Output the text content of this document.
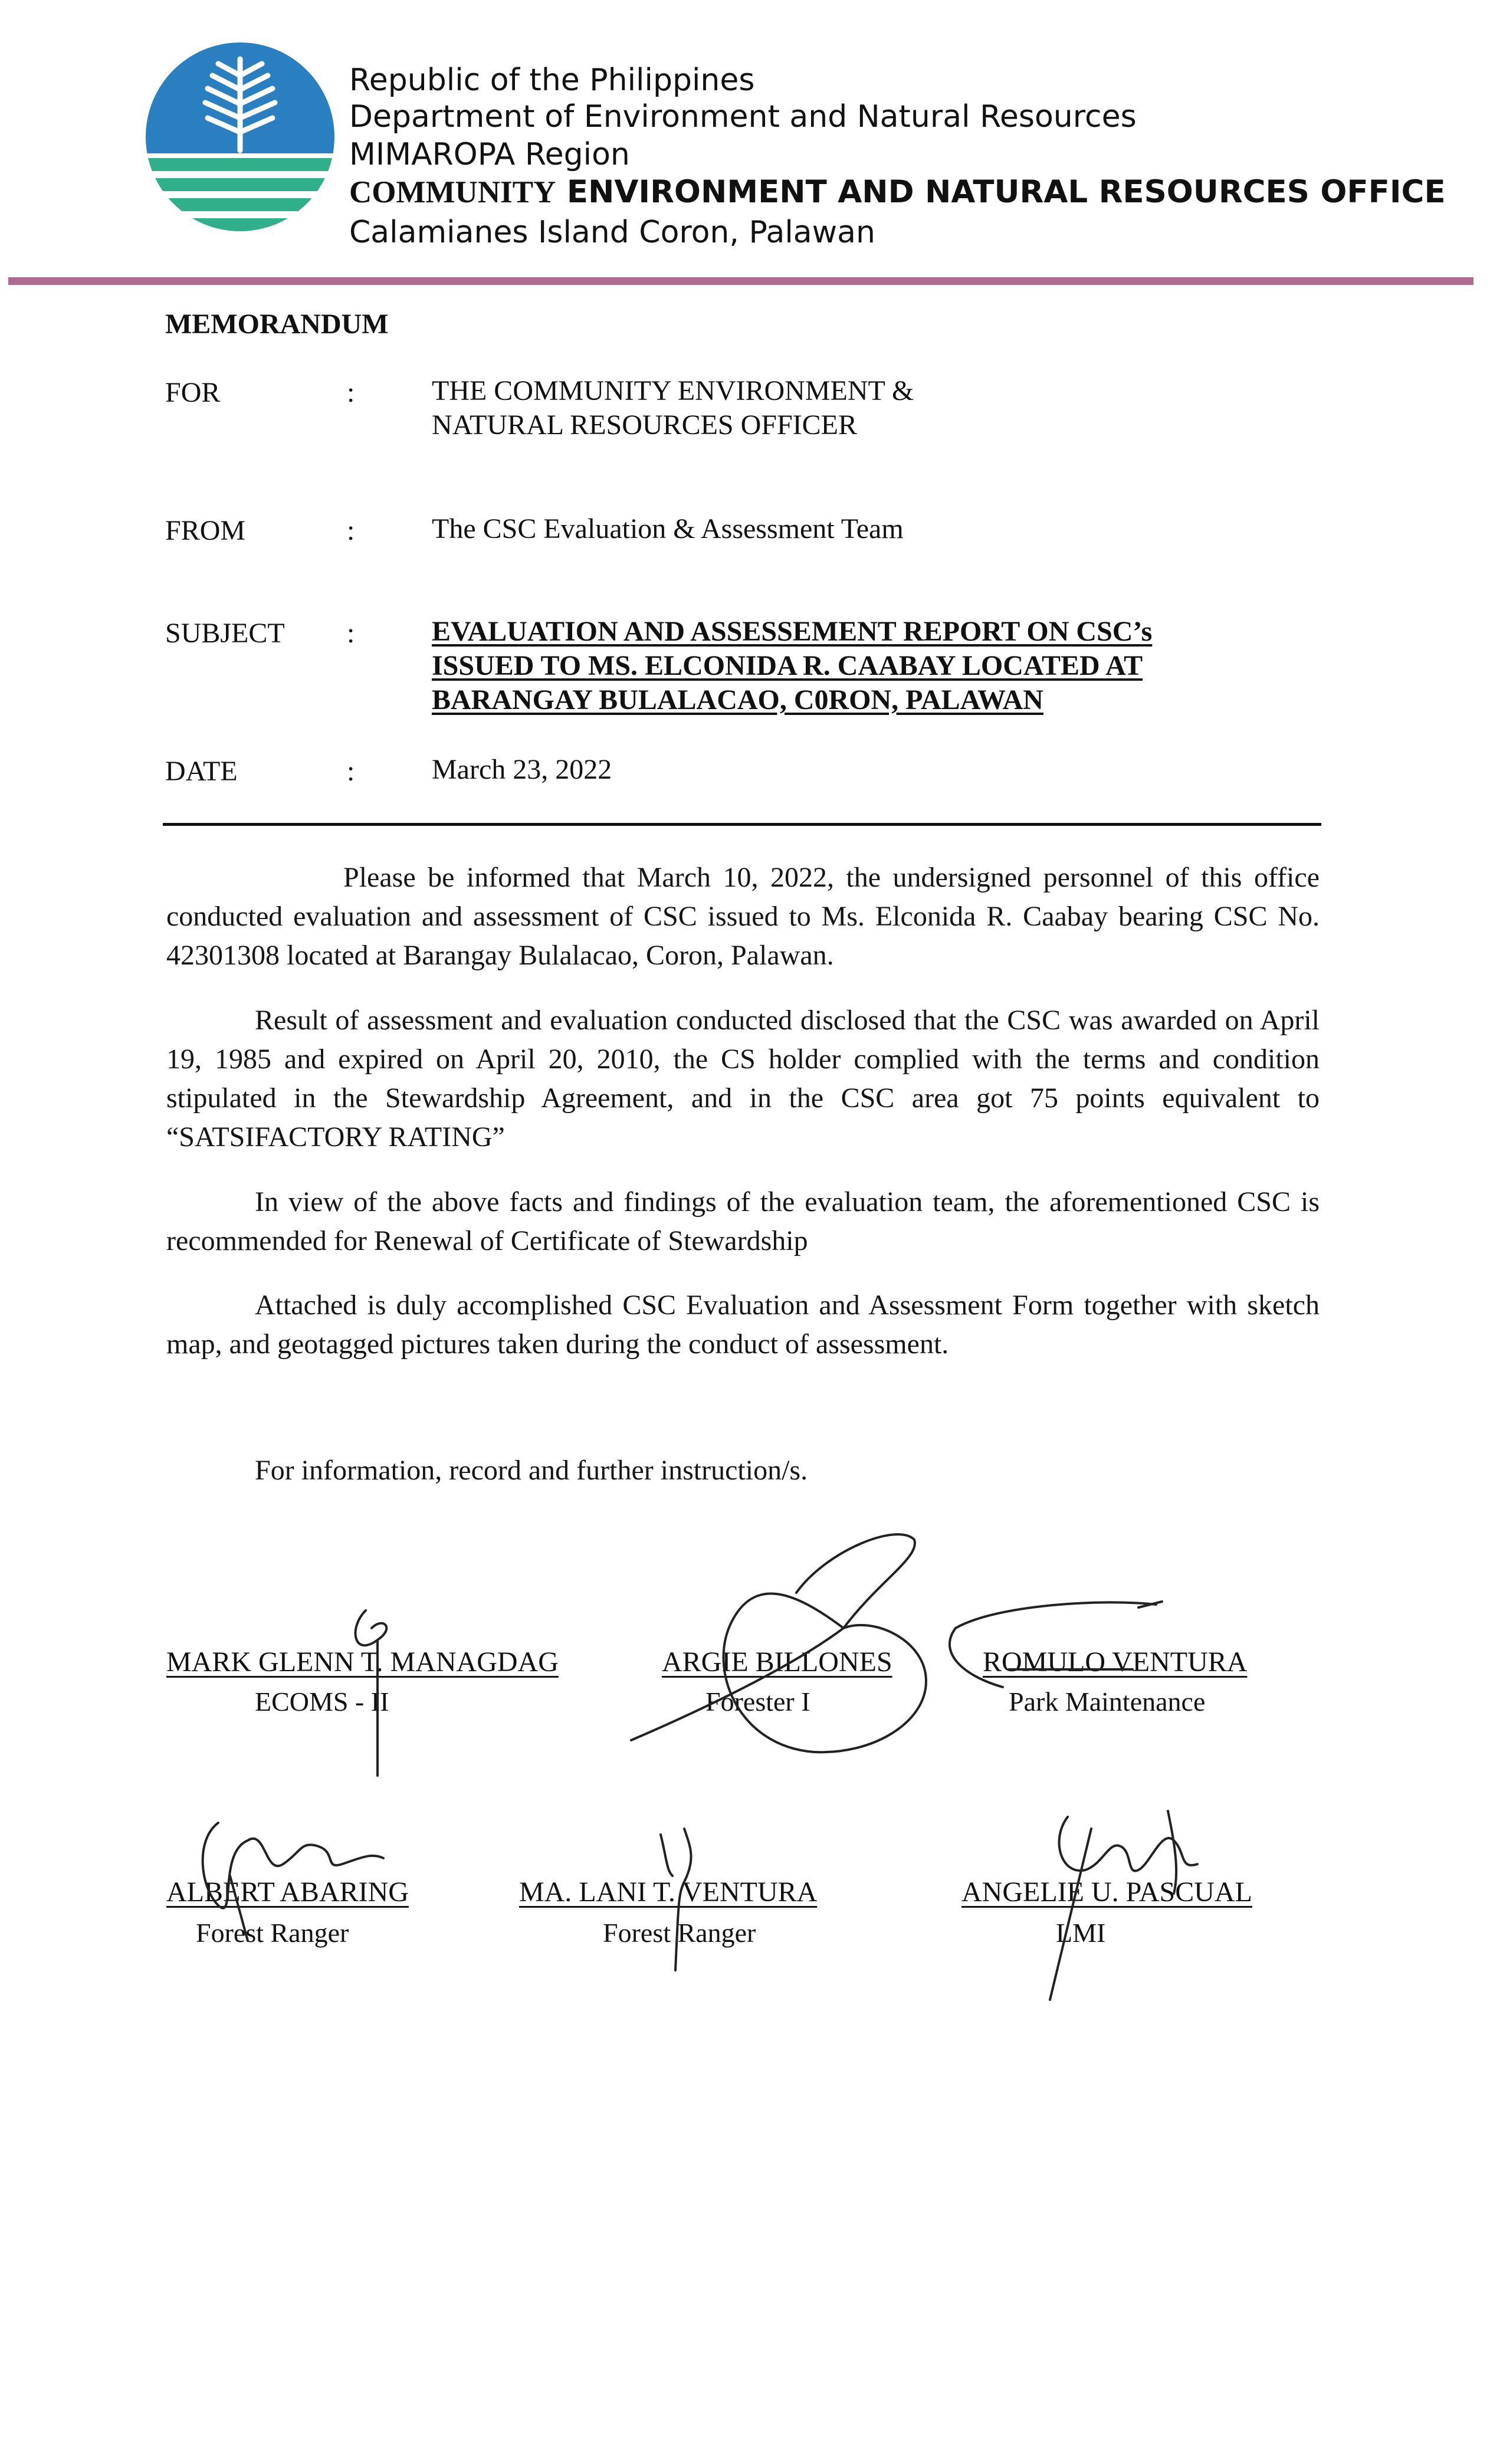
Republic of the Philippines
Department of Environment and Natural Resources
MIMAROPA Region
COMMUNITY ENVIRONMENT AND NATURAL RESOURCES OFFICE
Calamianes Island Coron, Palawan
MEMORANDUM
FOR	:	THE COMMUNITY ENVIRONMENT &
NATURAL RESOURCES OFFICER
FROM	:	The CSC Evaluation & Assessment Team
SUBJECT :	EVALUATION AND ASSESSEMENT REPORT ON CSC’s
ISSUED TO MS. ELCONIDA R. CAABAY LOCATED AT
BARANGAY BULALACAO, C0RON, PALAWAN
DATE	:	March 23, 2022
Please be informed that March 10, 2022, the undersigned personnel of this office conducted evaluation and assessment of CSC issued to Ms. Elconida R. Caabay bearing CSC No. 42301308 located at Barangay Bulalacao, Coron, Palawan.
Result of assessment and evaluation conducted disclosed that the CSC was awarded on April 19, 1985 and expired on April 20, 2010, the CS holder complied with the terms and condition stipulated in the Stewardship Agreement, and in the CSC area got 75 points equivalent to “SATSIFACTORY RATING”
In view of the above facts and findings of the evaluation team, the aforementioned CSC is recommended for Renewal of Certificate of Stewardship
Attached is duly accomplished CSC Evaluation and Assessment Form together with sketch map, and geotagged pictures taken during the conduct of assessment.
For information, record and further instruction/s.
MARK GLENN T. MANAGDAG
ECOMS - II
ARGIE BILLONES
Forester I
ROMULO VENTURA
Park Maintenance
ALBERT ABARING
Forest Ranger
MA. LANI T. VENTURA
Forest Ranger
ANGELIE U. PASCUAL
LMI
